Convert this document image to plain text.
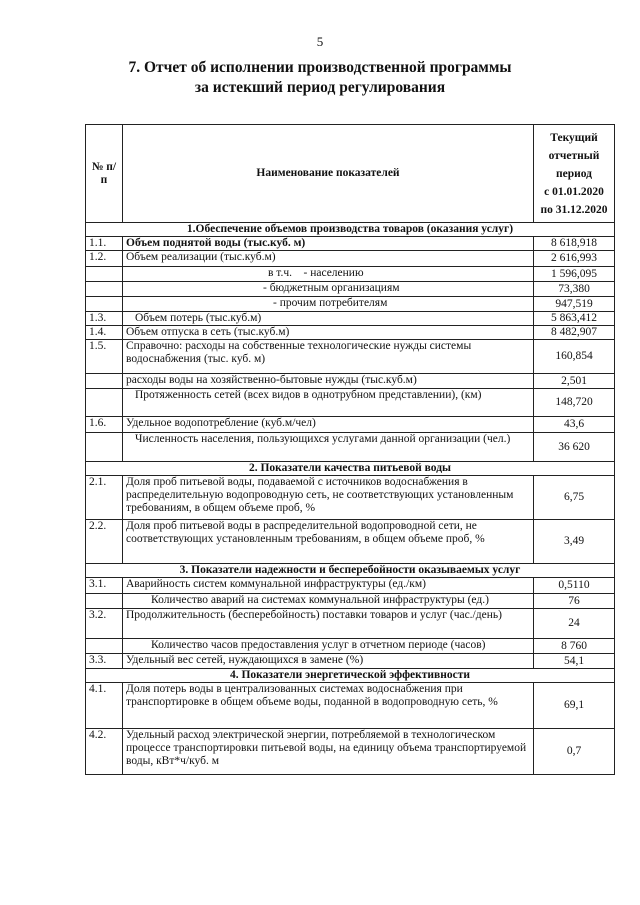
5
7. Отчет об исполнении производственной программы
за истекший период регулирования
№ п/п	Наименование показателей	Текущий
отчетный
период
с 01.01.2020
по 31.12.2020

1.Обеспечение объемов производства товаров (оказания услуг)		
1.1.	Объем поднятой воды (тыс.куб. м)	8 618,918
1.2.	Объем реализации (тыс.куб.м)	2 616,993
	в т.ч.    - населению	1 596,095
	- бюджетным организациям	73,380
	- прочим потребителям	947,519
1.3.	Объем потерь (тыс.куб.м)	5 863,412
1.4.	Объем отпуска в сеть (тыс.куб.м)	8 482,907
1.5.	Справочно: расходы на собственные технологические нужды системы водоснабжения (тыс. куб. м)	160,854
	расходы воды на хозяйственно-бытовые нужды (тыс.куб.м)	2,501
	Протяженность сетей (всех видов в однотрубном представлении), (км)	148,720
1.6.	Удельное водопотребление (куб.м/чел)	43,6
	Численность населения, пользующихся услугами данной организации (чел.)	36 620
2. Показатели качества питьевой воды		
2.1.	Доля проб питьевой воды, подаваемой с источников водоснабжения в распределительную водопроводную сеть, не соответствующих установленным требованиям, в общем объеме проб, %	6,75
2.2.	Доля проб питьевой воды в распределительной водопроводной сети, не соответствующих установленным требованиям, в общем объеме проб, %	3,49
3. Показатели надежности и бесперебойности оказываемых услуг		
3.1.	Аварийность систем коммунальной инфраструктуры (ед./км)	0,5110
	Количество аварий на системах коммунальной инфраструктуры (ед.)	76
3.2.	Продолжительность (бесперебойность) поставки товаров и услуг (час./день)	24
	Количество часов предоставления услуг в отчетном периоде (часов)	8 760
3.3.	Удельный вес сетей, нуждающихся в замене (%)	54,1
4. Показатели энергетической эффективности		
4.1.	Доля потерь воды в централизованных системах водоснабжения при транспортировке в общем объеме воды, поданной в водопроводную сеть, %	69,1
4.2.	Удельный расход электрической энергии, потребляемой в технологическом процессе транспортировки питьевой воды, на единицу объема транспортируемой воды, кВт*ч/куб. м	0,7
